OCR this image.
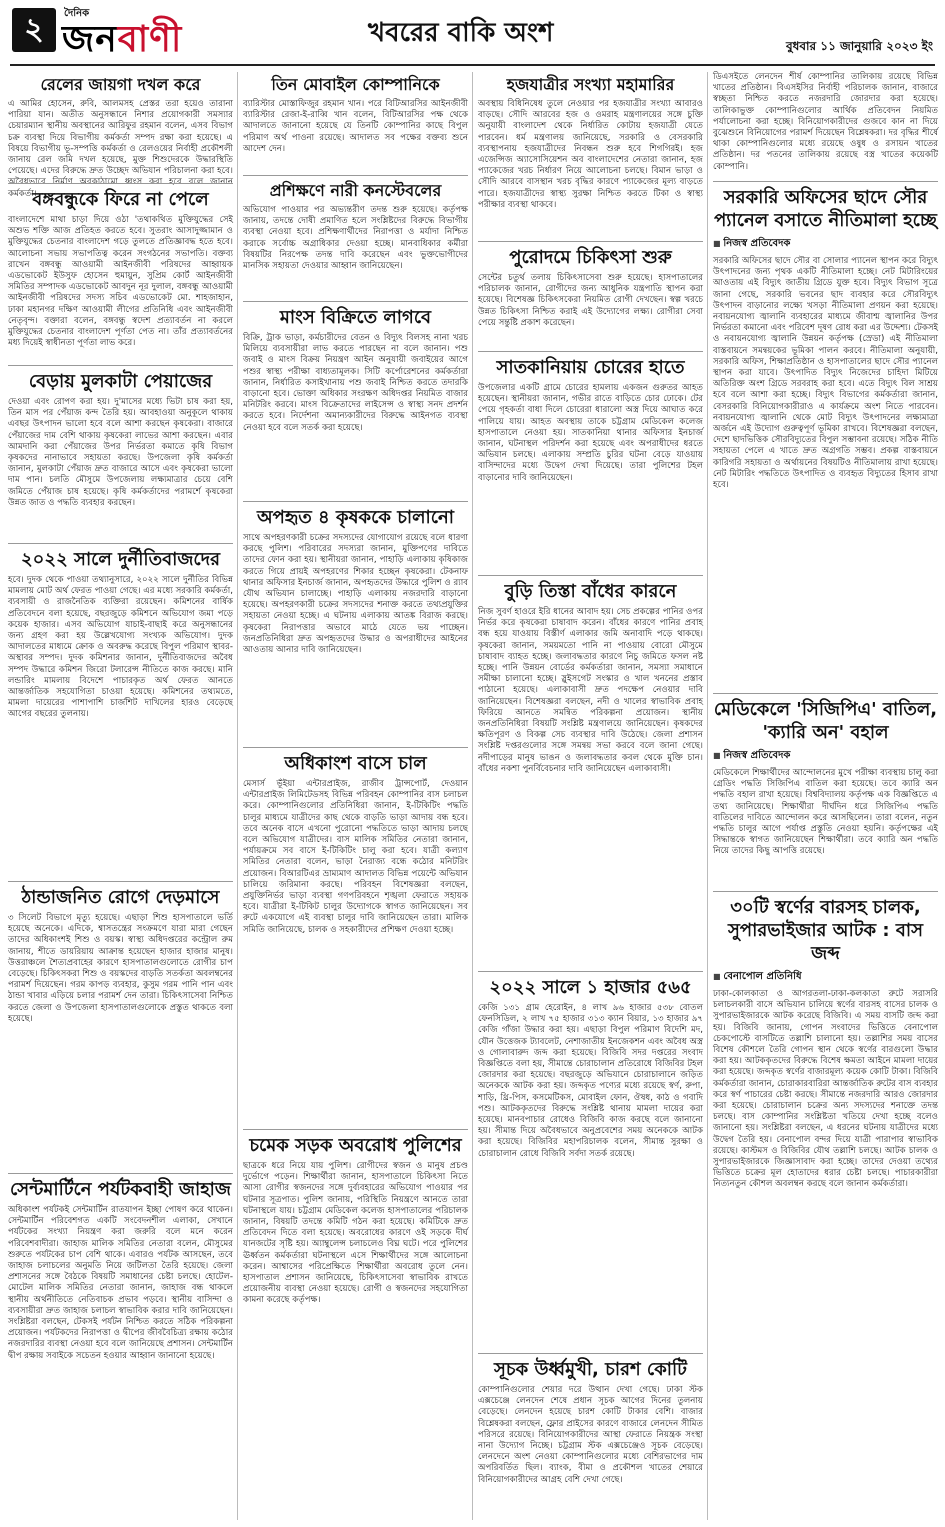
২	দৈনিক
জনবাণী	খবরের বাকি অংশ	বুধবার ১১ জানুয়ারি ২০২৩ ইং
রেলের জায়গা দখল করে
এ আমির হোসেন, রুবি, আলমসহ প্রেস্তর তরা হয়েও তারানা পারিয়া যান। অতীত অনুসন্ধানে নিশার প্রয়োগকারী সমস্যার চেয়ারম্যান স্থানীয় অবস্থানের আরিফুর রহমান বলেন, এসব বিভাগ চক্র ব্যবস্থা দিয়ে বিভাগীয় কর্মকর্তা সম্পদ রক্ষা করা হয়েছে। এ বিষয়ে বিভাগীয় ভূ-সম্পত্তি কর্মকর্তা ও রেলওয়ের নির্বাহী প্রকৌশলী জানায় রেল জমি দখল হয়েছে, মুক্ত শিশুদেরকে উদ্ধারস্থিতি পেয়েছে। এদের বিরুদ্ধে দ্রুত উচ্ছেদ অভিযান পরিচালনা করা হবে। কর্মকর্তা।
বঙ্গবন্ধুকে ফিরে না পেলে
বাংলাদেশে মাথা চাড়া দিয়ে ওঠা 'তথাকথিত মুক্তিযুদ্ধের সেই অশুভ শক্তি আজ প্রতিহত করতে হবে। সুতরাং আসাদুজ্জামান ও মুক্তিযুদ্ধের চেতনার বাংলাদেশ গড়ে তুলতে প্রতিজ্ঞাবদ্ধ হতে হবে। আলোচনা সভায় সভাপতিত্ব করেন সংগঠনের সভাপতি। বক্তব্য রাখেন বঙ্গবন্ধু আওয়ামী আইনজীবী পরিষদের আহ্বায়ক এডভোকেট ইউসুফ হোসেন হুমায়ুন, সুপ্রিম কোর্ট আইনজীবী সমিতির সম্পাদক এডভোকেট আবদুন নূর দুলাল, বঙ্গবন্ধু আওয়ামী আইনজীবী পরিষদের সদস্য সচিব এডভোকেট মো. শাহজাহান, ঢাকা মহানগর দক্ষিণ আওয়ামী লীগের প্রতিনিধি এবং আইনজীবী নেতৃবৃন্দ। বক্তারা বলেন, বঙ্গবন্ধু স্বদেশ প্রত্যাবর্তন না করলে মুক্তিযুদ্ধের চেতনার বাংলাদেশ পূর্ণতা পেত না। তাঁর প্রত্যাবর্তনের মধ্য দিয়েই স্বাধীনতা পূর্ণতা লাভ করে।
বেড়ায় মুলকাটা পেয়াজের
দেওয়া এবং রোপণ করা হয়। দু'মাসের মধ্যে ভিটা চাষ করা হয়, তিন মাস পর পেঁয়াজ কন্দ তৈরি হয়। আবহাওয়া অনুকূলে থাকায় এবছর উৎপাদন ভালো হবে বলে আশা করছেন কৃষকেরা। বাজারে পেঁয়াজের দাম বেশি থাকায় কৃষকেরা লাভের আশা করছেন। এবার আমদানি করা পেঁয়াজের উপর নির্ভরতা কমাতে কৃষি বিভাগ কৃষকদের নানাভাবে সহায়তা করছে। উপজেলা কৃষি কর্মকর্তা জানান, মুলকাটা পেঁয়াজ দ্রুত বাজারে আসে এবং কৃষকেরা ভালো দাম পান। চলতি মৌসুমে উপজেলায় লক্ষ্যমাত্রার চেয়ে বেশি জমিতে পেঁয়াজ চাষ হয়েছে। কৃষি কর্মকর্তাদের পরামর্শে কৃষকেরা উন্নত জাত ও পদ্ধতি ব্যবহার করছেন।
২০২২ সালে দুর্নীতিবাজদের
হবে। দুদক থেকে পাওয়া তথ্যানুসারে, ২০২২ সালে দুর্নীতির বিভিন্ন মামলায় মোট অর্থ ফেরত পাওয়া গেছে। এর মধ্যে সরকারি কর্মকর্তা, ব্যবসায়ী ও রাজনৈতিক ব্যক্তিরা রয়েছেন। কমিশনের বার্ষিক প্রতিবেদনে বলা হয়েছে, বছরজুড়ে কমিশনে অভিযোগ জমা পড়ে কয়েক হাজার। এসব অভিযোগ যাচাই-বাছাই করে অনুসন্ধানের জন্য গ্রহণ করা হয় উল্লেখযোগ্য সংখ্যক অভিযোগ। দুদক আদালতের মাধ্যমে ক্রোক ও অবরুদ্ধ করেছে বিপুল পরিমাণ স্থাবর-অস্থাবর সম্পদ। দুদক কমিশনার জানান, দুর্নীতিবাজদের অবৈধ সম্পদ উদ্ধারে কমিশন জিরো টলারেন্স নীতিতে কাজ করছে। মানি লন্ডারিং মামলায় বিদেশে পাচারকৃত অর্থ ফেরত আনতে আন্তর্জাতিক সহযোগিতা চাওয়া হয়েছে। কমিশনের তথ্যমতে, মামলা দায়েরের পাশাপাশি চার্জশিট দাখিলের হারও বেড়েছে আগের বছরের তুলনায়।
ঠান্ডাজনিত রোগে দেড়মাসে
৩ সিলেট বিভাগে মৃত্যু হয়েছে। এছাড়া শিশু হাসপাতালে ভর্তি হয়েছে অনেকে। এদিকে, শ্বাসতন্ত্রের সংক্রমণে যারা মারা গেছেন তাদের অধিকাংশই শিশু ও বয়স্ক। স্বাস্থ্য অধিদপ্তরের কন্ট্রোল রুম জানায়, শীতে ডায়রিয়ায় আক্রান্ত হয়েছেন হাজার হাজার মানুষ। উত্তরাঞ্চলে শৈত্যপ্রবাহের কারণে হাসপাতালগুলোতে রোগীর চাপ বেড়েছে। চিকিৎসকরা শিশু ও বয়স্কদের বাড়তি সতর্কতা অবলম্বনের পরামর্শ দিয়েছেন। গরম কাপড় ব্যবহার, কুসুম গরম পানি পান এবং ঠান্ডা খাবার এড়িয়ে চলার পরামর্শ দেন তারা। চিকিৎসাসেবা নিশ্চিত করতে জেলা ও উপজেলা হাসপাতালগুলোকে প্রস্তুত থাকতে বলা হয়েছে।
সেন্টমার্টিনে পর্যটকবাহী জাহাজ
অধিকাংশ পর্যটকই সেন্টমার্টিন রাতযাপন ইচ্ছা পোষণ করে থাকেন। সেন্টমার্টিন পরিবেশগত একটি সংবেদনশীল এলাকা, সেখানে পর্যটকের সংখ্যা নিয়ন্ত্রণ করা জরুরি বলে মনে করেন পরিবেশবাদীরা। জাহাজ মালিক সমিতির নেতারা বলেন, মৌসুমের শুরুতে পর্যটকের চাপ বেশি থাকে। এবারও পর্যটক আসছেন, তবে জাহাজ চলাচলের অনুমতি নিয়ে জটিলতা তৈরি হয়েছে। জেলা প্রশাসনের সঙ্গে বৈঠকে বিষয়টি সমাধানের চেষ্টা চলছে। হোটেল-মোটেল মালিক সমিতির নেতারা জানান, জাহাজ বন্ধ থাকলে স্থানীয় অর্থনীতিতে নেতিবাচক প্রভাব পড়বে। স্থানীয় বাসিন্দা ও ব্যবসায়ীরা দ্রুত জাহাজ চলাচল স্বাভাবিক করার দাবি জানিয়েছেন। সংশ্লিষ্টরা বলছেন, টেকসই পর্যটন নিশ্চিত করতে সঠিক পরিকল্পনা প্রয়োজন। পর্যটকদের নিরাপত্তা ও দ্বীপের জীববৈচিত্র্য রক্ষায় কঠোর নজরদারির ব্যবস্থা নেওয়া হবে বলে জানিয়েছে প্রশাসন। সেন্টমার্টিন দ্বীপ রক্ষায় সবাইকে সচেতন হওয়ার আহ্বান জানানো হয়েছে।
তিন মোবাইল কোম্পানিকে
ব্যারিস্টার মোস্তাফিজুর রহমান খান। পরে বিটিআরসির আইনজীবী ব্যারিস্টার রেজা-ই-রাব্বি খান বলেন, বিটিআরসির পক্ষ থেকে আদালতে জানানো হয়েছে যে তিনটি কোম্পানির কাছে বিপুল পরিমাণ অর্থ পাওনা রয়েছে। আদালত সব পক্ষের বক্তব্য শুনে আদেশ দেন।
প্রশিক্ষণে নারী কনস্টেবলের
অভিযোগ পাওয়ার পর অভ্যন্তরীণ তদন্ত শুরু হয়েছে। কর্তৃপক্ষ জানায়, তদন্তে দোষী প্রমাণিত হলে সংশ্লিষ্টদের বিরুদ্ধে বিভাগীয় ব্যবস্থা নেওয়া হবে। প্রশিক্ষণার্থীদের নিরাপত্তা ও মর্যাদা নিশ্চিত করাকে সর্বোচ্চ অগ্রাধিকার দেওয়া হচ্ছে। মানবাধিকার কর্মীরা বিষয়টির নিরপেক্ষ তদন্ত দাবি করেছেন এবং ভুক্তভোগীদের মানসিক সহায়তা দেওয়ার আহ্বান জানিয়েছেন।
মাংস বিক্রিতে লাগবে
বিক্রি, ট্রাক ভাড়া, কর্মচারীদের বেতন ও বিদ্যুৎ বিলসহ নানা খরচ মিলিয়ে ব্যবসায়ীরা লাভ করতে পারছেন না বলে জানান। পশু জবাই ও মাংস বিক্রয় নিয়ন্ত্রণ আইন অনুযায়ী জবাইয়ের আগে পশুর স্বাস্থ্য পরীক্ষা বাধ্যতামূলক। সিটি কর্পোরেশনের কর্মকর্তারা জানান, নির্ধারিত কসাইখানায় পশু জবাই নিশ্চিত করতে তদারকি বাড়ানো হবে। ভোক্তা অধিকার সংরক্ষণ অধিদপ্তর নিয়মিত বাজার মনিটরিং করবে। মাংস বিক্রেতাদের লাইসেন্স ও স্বাস্থ্য সনদ প্রদর্শন করতে হবে। নির্দেশনা অমান্যকারীদের বিরুদ্ধে আইনগত ব্যবস্থা নেওয়া হবে বলে সতর্ক করা হয়েছে।
অপহৃত ৪ কৃষককে চালানো
সাথে অপহরণকারী চক্রের সদস্যদের যোগাযোগ রয়েছে বলে ধারণা করছে পুলিশ। পরিবারের সদস্যরা জানান, মুক্তিপণের দাবিতে তাদের ফোন করা হয়। স্থানীয়রা জানান, পাহাড়ি এলাকায় কৃষিকাজ করতে গিয়ে প্রায়ই অপহরণের শিকার হচ্ছেন কৃষকেরা। টেকনাফ থানার অফিসার ইনচার্জ জানান, অপহৃতদের উদ্ধারে পুলিশ ও র‍্যাব যৌথ অভিযান চালাচ্ছে। পাহাড়ি এলাকায় নজরদারি বাড়ানো হয়েছে। অপহরণকারী চক্রের সদস্যদের শনাক্ত করতে তথ্যপ্রযুক্তির সহায়তা নেওয়া হচ্ছে। এ ঘটনায় এলাকায় আতঙ্ক বিরাজ করছে। কৃষকেরা নিরাপত্তার অভাবে মাঠে যেতে ভয় পাচ্ছেন। জনপ্রতিনিধিরা দ্রুত অপহৃতদের উদ্ধার ও অপরাধীদের আইনের আওতায় আনার দাবি জানিয়েছেন।
অধিকাংশ বাসে চাল
মেসার্স ভূঁইয়া এন্টারপ্রাইজ, রাজীব ট্রান্সপোর্ট, দেওয়ান এন্টারপ্রাইজ লিমিটেডসহ বিভিন্ন পরিবহন কোম্পানির বাস চলাচল করে। কোম্পানিগুলোর প্রতিনিধিরা জানান, ই-টিকিটিং পদ্ধতি চালুর মাধ্যমে যাত্রীদের কাছ থেকে বাড়তি ভাড়া আদায় বন্ধ হবে। তবে অনেক বাসে এখনো পুরোনো পদ্ধতিতে ভাড়া আদায় চলছে বলে অভিযোগ যাত্রীদের। বাস মালিক সমিতির নেতারা জানান, পর্যায়ক্রমে সব বাসে ই-টিকিটিং চালু করা হবে। যাত্রী কল্যাণ সমিতির নেতারা বলেন, ভাড়া নৈরাজ্য বন্ধে কঠোর মনিটরিং প্রয়োজন। বিআরটিএর ভ্রাম্যমাণ আদালত বিভিন্ন পয়েন্টে অভিযান চালিয়ে জরিমানা করছে। পরিবহন বিশেষজ্ঞরা বলছেন, প্রযুক্তিনির্ভর ভাড়া ব্যবস্থা গণপরিবহনে শৃঙ্খলা ফেরাতে সহায়ক হবে। যাত্রীরা ই-টিকিট চালুর উদ্যোগকে স্বাগত জানিয়েছেন। সব রুটে একযোগে এই ব্যবস্থা চালুর দাবি জানিয়েছেন তারা। মালিক সমিতি জানিয়েছে, চালক ও সহকারীদের প্রশিক্ষণ দেওয়া হচ্ছে।
চমেক সড়ক অবরোধ পুলিশের
ছাত্রকে ধরে নিয়ে যায় পুলিশ। রোগীদের স্বজন ও মানুষ প্রচণ্ড দুর্ভোগে পড়েন। শিক্ষার্থীরা জানান, হাসপাতালে চিকিৎসা নিতে আসা রোগীর স্বজনদের সঙ্গে দুর্ব্যবহারের অভিযোগ পাওয়ার পর ঘটনার সূত্রপাত। পুলিশ জানায়, পরিস্থিতি নিয়ন্ত্রণে আনতে তারা ঘটনাস্থলে যায়। চট্টগ্রাম মেডিকেল কলেজ হাসপাতালের পরিচালক জানান, বিষয়টি তদন্তে কমিটি গঠন করা হয়েছে। কমিটিকে দ্রুত প্রতিবেদন দিতে বলা হয়েছে। অবরোধের কারণে ওই সড়কে দীর্ঘ যানজটের সৃষ্টি হয়। অ্যাম্বুলেন্স চলাচলেও বিঘ্ন ঘটে। পরে পুলিশের ঊর্ধ্বতন কর্মকর্তারা ঘটনাস্থলে এসে শিক্ষার্থীদের সঙ্গে আলোচনা করেন। আশ্বাসের পরিপ্রেক্ষিতে শিক্ষার্থীরা অবরোধ তুলে নেন। হাসপাতাল প্রশাসন জানিয়েছে, চিকিৎসাসেবা স্বাভাবিক রাখতে প্রয়োজনীয় ব্যবস্থা নেওয়া হয়েছে। রোগী ও স্বজনদের সহযোগিতা কামনা করেছে কর্তৃপক্ষ।
হজযাত্রীর সংখ্যা মহামারির
অবস্থায় বিধিনিষেধ তুলে নেওয়ার পর হজযাত্রীর সংখ্যা আবারও বাড়ছে। সৌদি আরবের হজ ও ওমরাহ মন্ত্রণালয়ের সঙ্গে চুক্তি অনুযায়ী বাংলাদেশ থেকে নির্ধারিত কোটায় হজযাত্রী যেতে পারবেন। ধর্ম মন্ত্রণালয় জানিয়েছে, সরকারি ও বেসরকারি ব্যবস্থাপনায় হজযাত্রীদের নিবন্ধন শুরু হবে শিগগিরই। হজ এজেন্সিজ অ্যাসোসিয়েশন অব বাংলাদেশের নেতারা জানান, হজ প্যাকেজের খরচ নির্ধারণ নিয়ে আলোচনা চলছে। বিমান ভাড়া ও সৌদি আরবে বাসস্থান খরচ বৃদ্ধির কারণে প্যাকেজের মূল্য বাড়তে পারে। হজযাত্রীদের স্বাস্থ্য সুরক্ষা নিশ্চিত করতে টিকা ও স্বাস্থ্য পরীক্ষার ব্যবস্থা থাকবে।
পুরোদমে চিকিৎসা শুরু
সেন্টের চতুর্থ তলায় চিকিৎসাসেবা শুরু হয়েছে। হাসপাতালের পরিচালক জানান, রোগীদের জন্য আধুনিক যন্ত্রপাতি স্থাপন করা হয়েছে। বিশেষজ্ঞ চিকিৎসকেরা নিয়মিত রোগী দেখছেন। স্বল্প খরচে উন্নত চিকিৎসা নিশ্চিত করাই এই উদ্যোগের লক্ষ্য। রোগীরা সেবা পেয়ে সন্তুষ্টি প্রকাশ করেছেন।
সাতকানিয়ায় চোরের হাতে
উপজেলার একটি গ্রামে চোরের হামলায় একজন গুরুতর আহত হয়েছেন। স্থানীয়রা জানান, গভীর রাতে বাড়িতে চোর ঢোকে। টের পেয়ে গৃহকর্তা বাধা দিলে চোরেরা ধারালো অস্ত্র দিয়ে আঘাত করে পালিয়ে যায়। আহত অবস্থায় তাকে চট্টগ্রাম মেডিকেল কলেজ হাসপাতালে নেওয়া হয়। সাতকানিয়া থানার অফিসার ইনচার্জ জানান, ঘটনাস্থল পরিদর্শন করা হয়েছে এবং অপরাধীদের ধরতে অভিযান চলছে। এলাকায় সম্প্রতি চুরির ঘটনা বেড়ে যাওয়ায় বাসিন্দাদের মধ্যে উদ্বেগ দেখা দিয়েছে। তারা পুলিশের টহল বাড়ানোর দাবি জানিয়েছেন।
বুড়ি তিস্তা বাঁধের কারনে
নিজ সুবর্ণ হাওরে ইরি ধানের আবাদ হয়। সেচ প্রকল্পের পানির ওপর নির্ভর করে কৃষকেরা চাষাবাদ করেন। বাঁধের কারণে পানির প্রবাহ বন্ধ হয়ে যাওয়ায় বিস্তীর্ণ এলাকার জমি অনাবাদি পড়ে থাকছে। কৃষকেরা জানান, সময়মতো পানি না পাওয়ায় বোরো মৌসুমে চাষাবাদ ব্যাহত হচ্ছে। জলাবদ্ধতার কারণে নিচু জমিতে ফসল নষ্ট হচ্ছে। পানি উন্নয়ন বোর্ডের কর্মকর্তারা জানান, সমস্যা সমাধানে সমীক্ষা চালানো হচ্ছে। স্লুইসগেট সংস্কার ও খাল খননের প্রস্তাব পাঠানো হয়েছে। এলাকাবাসী দ্রুত পদক্ষেপ নেওয়ার দাবি জানিয়েছেন। বিশেষজ্ঞরা বলছেন, নদী ও খালের স্বাভাবিক প্রবাহ ফিরিয়ে আনতে সমন্বিত পরিকল্পনা প্রয়োজন। স্থানীয় জনপ্রতিনিধিরা বিষয়টি সংশ্লিষ্ট মন্ত্রণালয়ে জানিয়েছেন। কৃষকদের ক্ষতিপূরণ ও বিকল্প সেচ ব্যবস্থার দাবি উঠেছে। জেলা প্রশাসন সংশ্লিষ্ট দপ্তরগুলোর সঙ্গে সমন্বয় সভা করবে বলে জানা গেছে। নদীপাড়ের মানুষ ভাঙন ও জলাবদ্ধতার কবল থেকে মুক্তি চান। বাঁধের নকশা পুনর্বিবেচনার দাবি জানিয়েছেন এলাকাবাসী।
২০২২ সালে ১ হাজার ৫৬৫
কেজি ১৩১ গ্রাম হেরোইন, ৪ লাখ ৯৬ হাজার ৫৩৮ বোতল ফেনসিডিল, ২ লাখ ৭৫ হাজার ৩১৩ ক্যান বিয়ার, ১৩ হাজার ৯৭ কেজি গাঁজা উদ্ধার করা হয়। এছাড়া বিপুল পরিমাণ বিদেশি মদ, যৌন উত্তেজক ট্যাবলেট, নেশাজাতীয় ইনজেকশন এবং অবৈধ অস্ত্র ও গোলাবারুদ জব্দ করা হয়েছে। বিজিবি সদর দপ্তরের সংবাদ বিজ্ঞপ্তিতে বলা হয়, সীমান্তে চোরাচালান প্রতিরোধে বিজিবির টহল জোরদার করা হয়েছে। বছরজুড়ে অভিযানে চোরাচালানে জড়িত অনেককে আটক করা হয়। জব্দকৃত পণ্যের মধ্যে রয়েছে স্বর্ণ, রুপা, শাড়ি, থ্রি-পিস, কসমেটিকস, মোবাইল ফোন, ঔষধ, কাঠ ও গবাদি পশু। আটককৃতদের বিরুদ্ধে সংশ্লিষ্ট থানায় মামলা দায়ের করা হয়েছে। মানবপাচার রোধেও বিজিবি কাজ করছে বলে জানানো হয়। সীমান্ত দিয়ে অবৈধভাবে অনুপ্রবেশের সময় অনেককে আটক করা হয়েছে। বিজিবির মহাপরিচালক বলেন, সীমান্ত সুরক্ষা ও চোরাচালান রোধে বিজিবি সর্বদা সতর্ক রয়েছে।
সূচক উর্ধ্বমুখী, চারশ কোটি
কোম্পানিগুলোর শেয়ার দরে উত্থান দেখা গেছে। ঢাকা স্টক এক্সচেঞ্জে লেনদেন শেষে প্রধান সূচক আগের দিনের তুলনায় বেড়েছে। লেনদেন হয়েছে চারশ কোটি টাকার বেশি। বাজার বিশ্লেষকরা বলছেন, ফ্লোর প্রাইসের কারণে বাজারে লেনদেন সীমিত পরিসরে রয়েছে। বিনিয়োগকারীদের আস্থা ফেরাতে নিয়ন্ত্রক সংস্থা নানা উদ্যোগ নিচ্ছে। চট্টগ্রাম স্টক এক্সচেঞ্জেও সূচক বেড়েছে। লেনদেনে অংশ নেওয়া কোম্পানিগুলোর মধ্যে বেশিরভাগের দাম অপরিবর্তিত ছিল। ব্যাংক, বীমা ও প্রকৌশল খাতের শেয়ারে বিনিয়োগকারীদের আগ্রহ বেশি দেখা গেছে।
ডিএসইতে লেনদেন শীর্ষ কোম্পানির তালিকায় রয়েছে বিভিন্ন খাতের প্রতিষ্ঠান। বিএসইসির নির্বাহী পরিচালক জানান, বাজারে স্বচ্ছতা নিশ্চিত করতে নজরদারি জোরদার করা হয়েছে। তালিকাভুক্ত কোম্পানিগুলোর আর্থিক প্রতিবেদন নিয়মিত পর্যালোচনা করা হচ্ছে। বিনিয়োগকারীদের গুজবে কান না দিয়ে বুঝেশুনে বিনিয়োগের পরামর্শ দিয়েছেন বিশ্লেষকরা। দর বৃদ্ধির শীর্ষে থাকা কোম্পানিগুলোর মধ্যে রয়েছে ওষুধ ও রসায়ন খাতের প্রতিষ্ঠান। দর পতনের তালিকায় রয়েছে বস্ত্র খাতের কয়েকটি কোম্পানি।
সরকারি অফিসের ছাদে সৌর প্যানেল বসাতে নীতিমালা হচ্ছে
■ নিজস্ব প্রতিবেদক
সরকারি অফিসের ছাদে সৌর বা সোলার প্যানেল স্থাপন করে বিদ্যুৎ উৎপাদনের জন্য পৃথক একটি নীতিমালা হচ্ছে। নেট মিটারিংয়ের আওতায় এই বিদ্যুৎ জাতীয় গ্রিডে যুক্ত হবে। বিদ্যুৎ বিভাগ সূত্রে জানা গেছে, সরকারি ভবনের ছাদ ব্যবহার করে সৌরবিদ্যুৎ উৎপাদন বাড়ানোর লক্ষ্যে খসড়া নীতিমালা প্রণয়ন করা হয়েছে। নবায়নযোগ্য জ্বালানি ব্যবহারের মাধ্যমে জীবাশ্ম জ্বালানির উপর নির্ভরতা কমানো এবং পরিবেশ দূষণ রোধ করা এর উদ্দেশ্য। টেকসই ও নবায়নযোগ্য জ্বালানি উন্নয়ন কর্তৃপক্ষ (স্রেডা) এই নীতিমালা বাস্তবায়নে সমন্বয়কের ভূমিকা পালন করবে। নীতিমালা অনুযায়ী, সরকারি অফিস, শিক্ষাপ্রতিষ্ঠান ও হাসপাতালের ছাদে সৌর প্যানেল স্থাপন করা যাবে। উৎপাদিত বিদ্যুৎ নিজেদের চাহিদা মিটিয়ে অতিরিক্ত অংশ গ্রিডে সরবরাহ করা হবে। এতে বিদ্যুৎ বিল সাশ্রয় হবে বলে আশা করা হচ্ছে। বিদ্যুৎ বিভাগের কর্মকর্তারা জানান, বেসরকারি বিনিয়োগকারীরাও এ কার্যক্রমে অংশ নিতে পারবেন। নবায়নযোগ্য জ্বালানি থেকে মোট বিদ্যুৎ উৎপাদনের লক্ষ্যমাত্রা অর্জনে এই উদ্যোগ গুরুত্বপূর্ণ ভূমিকা রাখবে। বিশেষজ্ঞরা বলছেন, দেশে ছাদভিত্তিক সৌরবিদ্যুতের বিপুল সম্ভাবনা রয়েছে। সঠিক নীতি সহায়তা পেলে এ খাতে দ্রুত অগ্রগতি সম্ভব। প্রকল্প বাস্তবায়নে কারিগরি সহায়তা ও অর্থায়নের বিষয়টিও নীতিমালায় রাখা হয়েছে। নেট মিটারিং পদ্ধতিতে উৎপাদিত ও ব্যবহৃত বিদ্যুতের হিসাব রাখা হবে।
মেডিকেলে 'সিজিপিএ' বাতিল, 'ক্যারি অন' বহাল
■ নিজস্ব প্রতিবেদক
মেডিকেলে শিক্ষার্থীদের আন্দোলনের মুখে পরীক্ষা ব্যবস্থায় চালু করা গ্রেডিং পদ্ধতি সিজিপিএ বাতিল করা হয়েছে। তবে ক্যারি অন পদ্ধতি বহাল রাখা হয়েছে। বিশ্ববিদ্যালয় কর্তৃপক্ষ এক বিজ্ঞপ্তিতে এ তথ্য জানিয়েছে। শিক্ষার্থীরা দীর্ঘদিন ধরে সিজিপিএ পদ্ধতি বাতিলের দাবিতে আন্দোলন করে আসছিলেন। তারা বলেন, নতুন পদ্ধতি চালুর আগে পর্যাপ্ত প্রস্তুতি নেওয়া হয়নি। কর্তৃপক্ষের এই সিদ্ধান্তকে স্বাগত জানিয়েছেন শিক্ষার্থীরা। তবে ক্যারি অন পদ্ধতি নিয়ে তাদের কিছু আপত্তি রয়েছে।
৩০টি স্বর্ণের বারসহ চালক, সুপারভাইজার আটক : বাস জব্দ
■ বেনাপোল প্রতিনিধি
ঢাকা-কোলকাতা ও আগরতলা-ঢাকা-কলকাতা রুটে সরাসরি চলাচলকারী বাসে অভিযান চালিয়ে স্বর্ণের বারসহ বাসের চালক ও সুপারভাইজারকে আটক করেছে বিজিবি। এ সময় বাসটি জব্দ করা হয়। বিজিবি জানায়, গোপন সংবাদের ভিত্তিতে বেনাপোল চেকপোস্টে বাসটিতে তল্লাশি চালানো হয়। তল্লাশির সময় বাসের বিশেষ কৌশলে তৈরি গোপন স্থান থেকে স্বর্ণের বারগুলো উদ্ধার করা হয়। আটককৃতদের বিরুদ্ধে বিশেষ ক্ষমতা আইনে মামলা দায়ের করা হয়েছে। জব্দকৃত স্বর্ণের বাজারমূল্য কয়েক কোটি টাকা। বিজিবি কর্মকর্তারা জানান, চোরাকারবারিরা আন্তর্জাতিক রুটের বাস ব্যবহার করে স্বর্ণ পাচারের চেষ্টা করছে। সীমান্তে নজরদারি আরও জোরদার করা হয়েছে। চোরাচালান চক্রের অন্য সদস্যদের শনাক্তে তদন্ত চলছে। বাস কোম্পানির সংশ্লিষ্টতা খতিয়ে দেখা হচ্ছে বলেও জানানো হয়। সংশ্লিষ্টরা বলছেন, এ ধরনের ঘটনায় যাত্রীদের মধ্যে উদ্বেগ তৈরি হয়। বেনাপোল বন্দর দিয়ে যাত্রী পারাপার স্বাভাবিক রয়েছে। কাস্টমস ও বিজিবির যৌথ তল্লাশি চলছে। আটক চালক ও সুপারভাইজারকে জিজ্ঞাসাবাদ করা হচ্ছে। তাদের দেওয়া তথ্যের ভিত্তিতে চক্রের মূল হোতাদের ধরার চেষ্টা চলছে। পাচারকারীরা নিত্যনতুন কৌশল অবলম্বন করছে বলে জানান কর্মকর্তারা।
